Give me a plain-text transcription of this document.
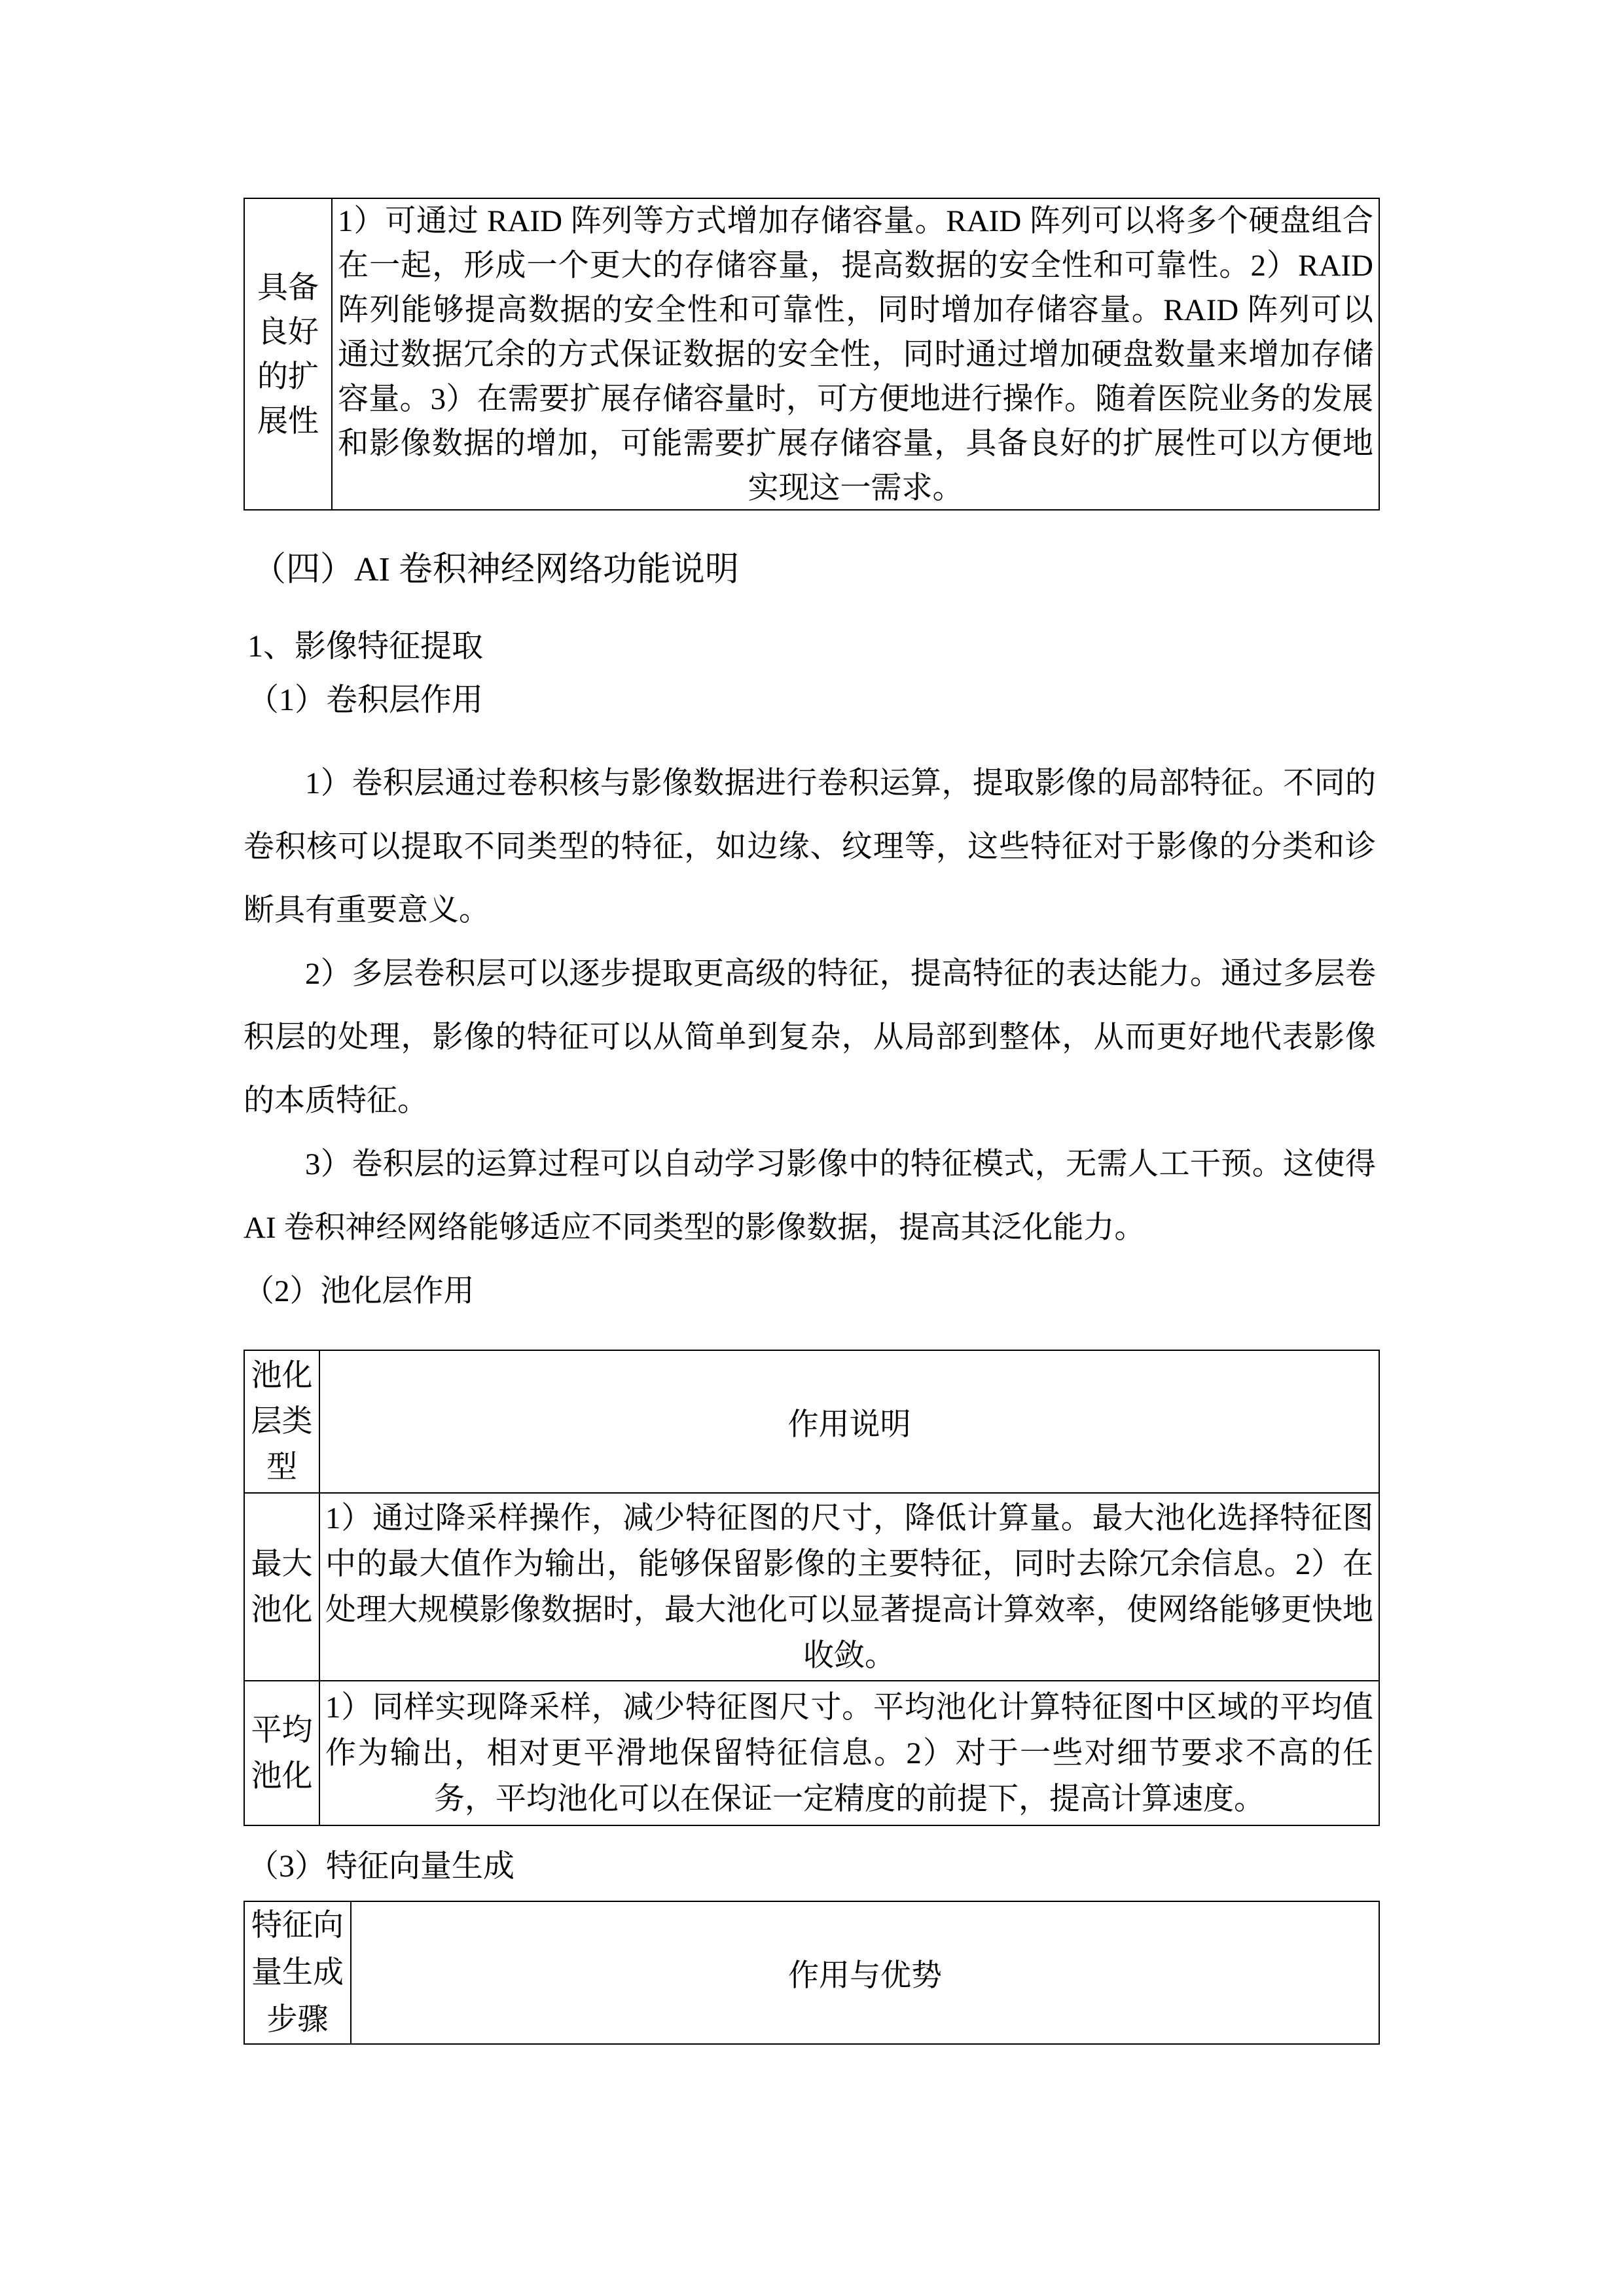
具备良好的扩展性
1）可通过 RAID 阵列等方式增加存储容量。RAID 阵列可以将多个硬盘组合在一起，形成一个更大的存储容量，提高数据的安全性和可靠性。2）RAID 阵列能够提高数据的安全性和可靠性，同时增加存储容量。RAID 阵列可以通过数据冗余的方式保证数据的安全性，同时通过增加硬盘数量来增加存储容量。3）在需要扩展存储容量时，可方便地进行操作。随着医院业务的发展和影像数据的增加，可能需要扩展存储容量，具备良好的扩展性可以方便地实现这一需求。
（四）AI 卷积神经网络功能说明
1、影像特征提取
（1）卷积层作用

1）卷积层通过卷积核与影像数据进行卷积运算，提取影像的局部特征。不同的卷积核可以提取不同类型的特征，如边缘、纹理等，这些特征对于影像的分类和诊断具有重要意义。

2）多层卷积层可以逐步提取更高级的特征，提高特征的表达能力。通过多层卷积层的处理，影像的特征可以从简单到复杂，从局部到整体，从而更好地代表影像的本质特征。

3）卷积层的运算过程可以自动学习影像中的特征模式，无需人工干预。这使得 AI 卷积神经网络能够适应不同类型的影像数据，提高其泛化能力。

（2）池化层作用

池化层类型
作用说明
最大池化
1）通过降采样操作，减少特征图的尺寸，降低计算量。最大池化选择特征图中的最大值作为输出，能够保留影像的主要特征，同时去除冗余信息。2）在处理大规模影像数据时，最大池化可以显著提高计算效率，使网络能够更快地收敛。
平均池化
1）同样实现降采样，减少特征图尺寸。平均池化计算特征图中区域的平均值作为输出，相对更平滑地保留特征信息。2）对于一些对细节要求不高的任务，平均池化可以在保证一定精度的前提下，提高计算速度。
（3）特征向量生成
特征向量生成步骤
作用与优势
